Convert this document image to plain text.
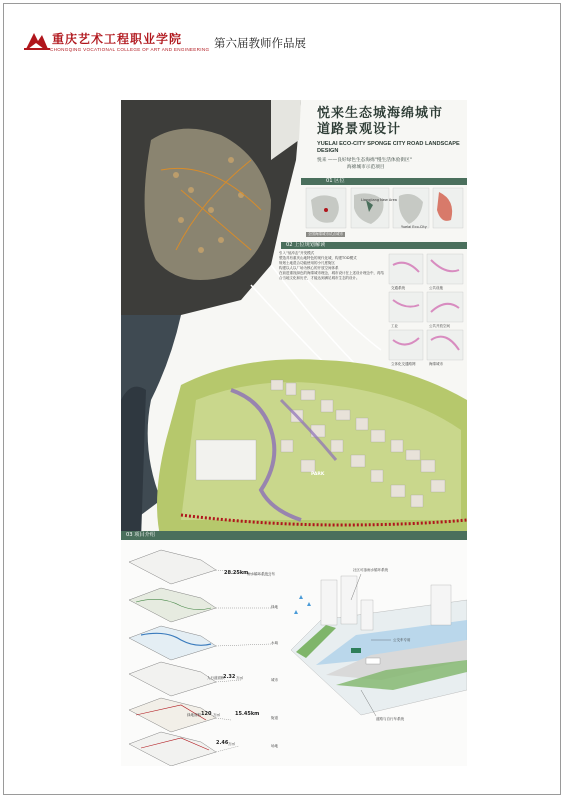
重庆艺术工程职业学院
CHONGQING VOCATIONAL COLLEGE OF ART AND ENGINEERING 第六届教师作品展
悦来生态城海绵城市
道路景观设计
YUELAI ECO-CITY SPONGE CITY ROAD LANDSCAPE DESIGN
悦来 ——良好绿色生态海绵"慢生活体验街区"
海绵城市示范项目
01 区位
全国海绵城市试点城市
02 上位规划解读
引入“低冲击”开发模式
塑造具有重庆山地特色的现代化城，构建TOD模式
规划土地混合功能使用的小尺度街区
构建以人以厂场为核心的开放空间体系
在前进重视绿色的海绵城市理念，城市设计在上述设计理念中，再结合当地文化和历史，才能达到满足城市生态的设计。
Liangjiang New Area
Yuelai Eco-City
交通系统	公共设施
工业	公共开放空间
立体化交通路网	海绵城市
PARK
03 项目介绍
28.25km
雨水循环系统分布
绿地
水域
人行道面积
2.32 万㎡	城市
绿地面积 120 万㎡	15.45km
街道
2.46 万㎡	场地
社区可渗雨水循环系统
公交车专用
道路与自行车系统
